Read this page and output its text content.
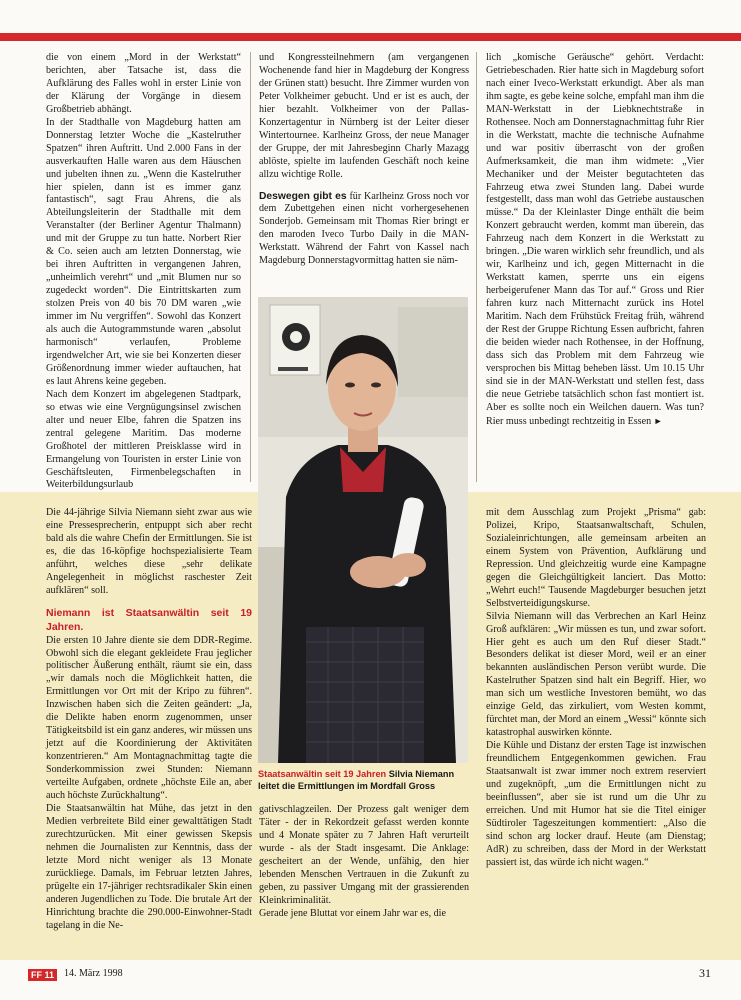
die von einem „Mord in der Werkstatt“ berichten, aber Tatsache ist, dass die Aufklärung des Falles wohl in erster Linie von der Klärung der Vorgänge in diesem Großbetrieb abhängt.

In der Stadthalle von Magdeburg hatten am Donnerstag letzter Woche die „Kastelruther Spatzen“ ihren Auftritt. Und 2.000 Fans in der ausverkauften Halle waren aus dem Häuschen und jubelten ihnen zu. „Wenn die Kastelruther hier spielen, dann ist es immer ganz fantastisch“, sagt Frau Ahrens, die als Abteilungsleiterin der Stadthalle mit dem Veranstalter (der Berliner Agentur Thalmann) und mit der Gruppe zu tun hatte. Norbert Rier & Co. seien auch am letzten Donnerstag, wie bei ihren Auftritten in vergangenen Jahren, „unheimlich verehrt“ und „mit Blumen nur so zugedeckt worden“. Die Eintrittskarten zum stolzen Preis von 40 bis 70 DM waren „wie immer im Nu vergriffen“. Sowohl das Konzert als auch die Autogrammstunde waren „absolut harmonisch“ verlaufen, Probleme irgendwelcher Art, wie sie bei Konzerten dieser Größenordnung immer wieder auftauchen, hat es laut Ahrens keine gegeben.

Nach dem Konzert im abgelegenen Stadtpark, so etwas wie eine Vergnügungsinsel zwischen alter und neuer Elbe, fahren die Spatzen ins zentral gelegene Maritim. Das moderne Großhotel der mittleren Preisklasse wird in Ermangelung von Touristen in erster Linie von Geschäftsleuten, Firmenbelegschaften in Weiterbildungsurlaub

und Kongressteilnehmern (am vergangenen Wochenende fand hier in Magdeburg der Kongress der Grünen statt) besucht. Ihre Zimmer wurden von Peter Volkheimer gebucht. Und er ist es auch, der hier bezahlt. Volkheimer von der Pallas-Konzertagentur in Nürnberg ist der Leiter dieser Wintertournee. Karlheinz Gross, der neue Manager der Gruppe, der mit Jahresbeginn Charly Mazagg ablöste, spielte im laufenden Geschäft noch keine allzu wichtige Rolle.

Deswegen gibt es für Karlheinz Gross noch vor dem Zubettgehen einen nicht vorhergesehenen Sonderjob. Gemeinsam mit Thomas Rier bringt er den maroden Iveco Turbo Daily in die MAN-Werkstatt. Während der Fahrt von Kassel nach Magdeburg Donnerstagvormittag hatten sie näm-

lich „komische Geräusche“ gehört. Verdacht: Getriebeschaden. Rier hatte sich in Magdeburg sofort nach einer Iveco-Werkstatt erkundigt. Aber als man ihm sagte, es gebe keine solche, empfahl man ihm die MAN-Werkstatt in der Liebknechtstraße in Rothensee. Noch am Donnerstagnachmittag fuhr Rier in die Werkstatt, machte die technische Aufnahme und war positiv überrascht von der großen Aufmerksamkeit, die man ihm widmete: „Vier Mechaniker und der Meister begutachteten das Fahrzeug etwa zwei Stunden lang. Dabei wurde festgestellt, dass man wohl das Getriebe austauschen müsse.“ Da der Kleinlaster Dinge enthält die beim Konzert gebraucht werden, kommt man überein, das Fahrzeug nach dem Konzert in die Werkstatt zu bringen. „Die waren wirklich sehr freundlich, und als wir, Karlheinz und ich, gegen Mitternacht in die Werkstatt kamen, sperrte uns ein eigens herbeigerufener Mann das Tor auf.“ Gross und Rier fahren kurz nach Mitternacht zurück ins Hotel Maritim. Nach dem Frühstück Freitag früh, während der Rest der Gruppe Richtung Essen aufbricht, fahren die beiden wieder nach Rothensee, in der Hoffnung, dass sich das Problem mit dem Fahrzeug wie versprochen bis Mittag beheben lässt. Um 10.15 Uhr sind sie in der MAN-Werkstatt und stellen fest, dass die neue Getriebe tatsächlich schon fast montiert ist. Aber es sollte noch ein Weilchen dauern. Was tun? Rier muss unbedingt rechtzeitig in Essen ►

Staatsanwältin seit 19 Jahren Silvia Niemann leitet die Ermittlungen im Mordfall Gross

Die 44-jährige Silvia Niemann sieht zwar aus wie eine Pressesprecherin, entpuppt sich aber recht bald als die wahre Chefin der Ermittlungen. Sie ist es, die das 16-köpfige hochspezialisierte Team anführt, welches diese „sehr delikate Angelegenheit in möglichst raschester Zeit aufklären“ soll.

Niemann ist Staatsanwältin seit 19 Jahren.

Die ersten 10 Jahre diente sie dem DDR-Regime. Obwohl sich die elegant gekleidete Frau jeglicher politischer Äußerung enthält, räumt sie ein, dass „wir damals noch die Möglichkeit hatten, die Ermittlungen vor Ort mit der Kripo zu führen“. Inzwischen haben sich die Zeiten geändert: „Ja, die Delikte haben enorm zugenommen, unser Tätigkeitsbild ist ein ganz anderes, wir müssen uns jetzt auf die Koordinierung der Aktivitäten konzentrieren.“ Am Montagnachmittag tagte die Sonderkommission zwei Stunden: Niemann verteilte Aufgaben, ordnete „höchste Eile an, aber auch höchste Zurückhaltung“.

Die Staatsanwältin hat Mühe, das jetzt in den Medien verbreitete Bild einer gewalttätigen Stadt zurechtzurücken. Mit einer gewissen Skepsis nehmen die Journalisten zur Kenntnis, dass der letzte Mord nicht weniger als 13 Monate zurückliege. Damals, im Februar letzten Jahres, prügelte ein 17-jähriger rechtsradikaler Skin einen anderen Jugendlichen zu Tode. Die brutale Art der Hinrichtung brachte die 290.000-Einwohner-Stadt tagelang in die Ne-

gativschlagzeilen. Der Prozess galt weniger dem Täter - der in Rekordzeit gefasst werden konnte und 4 Monate später zu 7 Jahren Haft verurteilt wurde - als der Stadt insgesamt. Die Anklage: gescheitert an der Wende, unfähig, den hier lebenden Menschen Vertrauen in die Zukunft zu geben, zu passiver Umgang mit der grassierenden Kleinkriminalität.

Gerade jene Bluttat vor einem Jahr war es, die

mit dem Ausschlag zum Projekt „Prisma“ gab: Polizei, Kripo, Staatsanwaltschaft, Schulen, Sozialeinrichtungen, alle gemeinsam arbeiten an einem System von Prävention, Aufklärung und Repression. Und gleichzeitig wurde eine Kampagne gegen die Gleichgültigkeit lanciert. Das Motto: „Wehrt euch!“ Tausende Magdeburger besuchen jetzt Selbstverteidigungskurse.

Silvia Niemann will das Verbrechen an Karl Heinz Groß aufklären: „Wir müssen es tun, und zwar sofort. Hier geht es auch um den Ruf dieser Stadt.“ Besonders delikat ist dieser Mord, weil er an einer bekannten ausländischen Person verübt wurde. Die Kastelruther Spatzen sind halt ein Begriff. Hier, wo man sich um westliche Investoren bemüht, wo das einzige Geld, das zirkuliert, vom Westen kommt, fürchtet man, der Mord an einem „Wessi“ könnte sich katastrophal auswirken könnte.

Die Kühle und Distanz der ersten Tage ist inzwischen freundlichem Entgegenkommen gewichen. Frau Staatsanwalt ist zwar immer noch extrem reserviert und zugeknöpft, „um die Ermittlungen nicht zu beeinflussen“, aber sie ist rund um die Uhr zu erreichen. Und mit Humor hat sie die Titel einiger Südtiroler Tageszeitungen kommentiert: „Also die sind schon arg locker drauf. Heute (am Dienstag; AdR) zu schreiben, dass der Mord in der Werkstatt passiert ist, das würde ich nicht wagen.“

FF 11 14. März 1998	31
